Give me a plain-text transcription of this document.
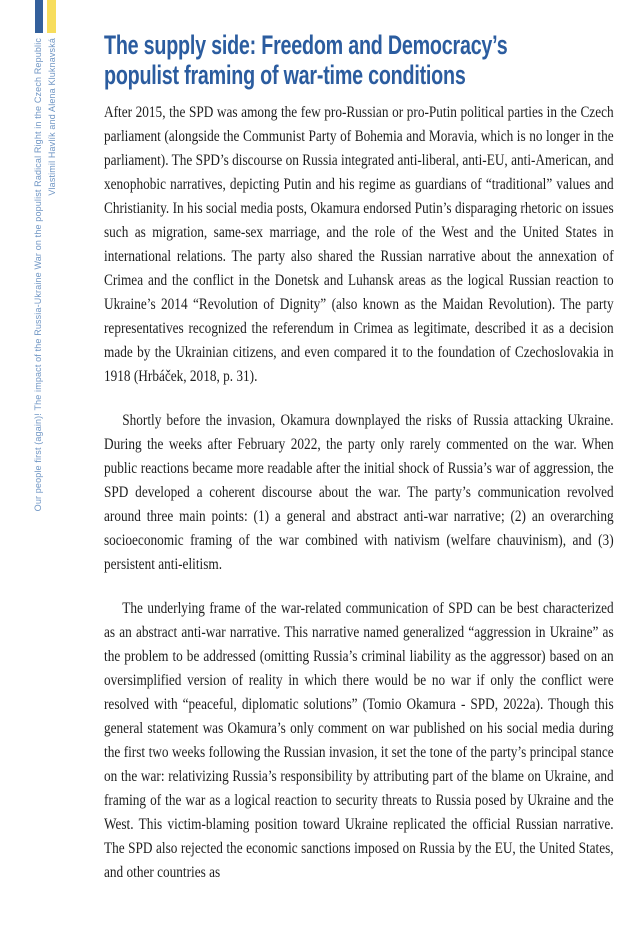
Our people first (again)! The impact of the Russia-Ukraine War on the populist Radical Right in the Czech Republic Vlastimil Havlík and Alena Kluknavská The supply side: Freedom and Democracy’s
populist framing of war-time conditions

After 2015, the SPD was among the few pro-Russian or pro-Putin political parties in the Czech parliament (alongside the Communist Party of Bohemia and Moravia, which is no longer in the parliament). The SPD’s discourse on Russia integrated anti-liberal, anti-EU, anti-American, and xenophobic narratives, depicting Putin and his regime as guardians of “traditional” values and Christianity. In his social media posts, Okamura endorsed Putin’s disparaging rhetoric on issues such as migration, same-sex marriage, and the role of the West and the United States in international relations. The party also shared the Russian narrative about the annexation of Crimea and the conflict in the Donetsk and Luhansk areas as the logical Russian reaction to Ukraine’s 2014 “Revolution of Dignity” (also known as the Maidan Revolution). The party representatives recognized the referendum in Crimea as legitimate, described it as a decision made by the Ukrainian citizens, and even compared it to the foundation of Czechoslovakia in 1918 (Hrbáček, 2018, p. 31).

Shortly before the invasion, Okamura downplayed the risks of Russia attacking Ukraine. During the weeks after February 2022, the party only rarely commented on the war. When public reactions became more readable after the initial shock of Russia’s war of aggression, the SPD developed a coherent discourse about the war. The party’s communication revolved around three main points: (1) a general and abstract anti-war narrative; (2) an overarching socioeconomic framing of the war combined with nativism (welfare chauvinism), and (3) persistent anti-elitism.

The underlying frame of the war-related communication of SPD can be best characterized as an abstract anti-war narrative. This narrative named generalized “aggression in Ukraine” as the problem to be addressed (omitting Russia’s criminal liability as the aggressor) based on an oversimplified version of reality in which there would be no war if only the conflict were resolved with “peaceful, diplomatic solutions” (Tomio Okamura - SPD, 2022a). Though this general statement was Okamura’s only comment on war published on his social media during the first two weeks following the Russian invasion, it set the tone of the party’s principal stance on the war: relativizing Russia’s responsibility by attributing part of the blame on Ukraine, and framing of the war as a logical reaction to security threats to Russia posed by Ukraine and the West. This victim-blaming position toward Ukraine replicated the official Russian narrative. The SPD also rejected the economic sanctions imposed on Russia by the EU, the United States, and other countries as
